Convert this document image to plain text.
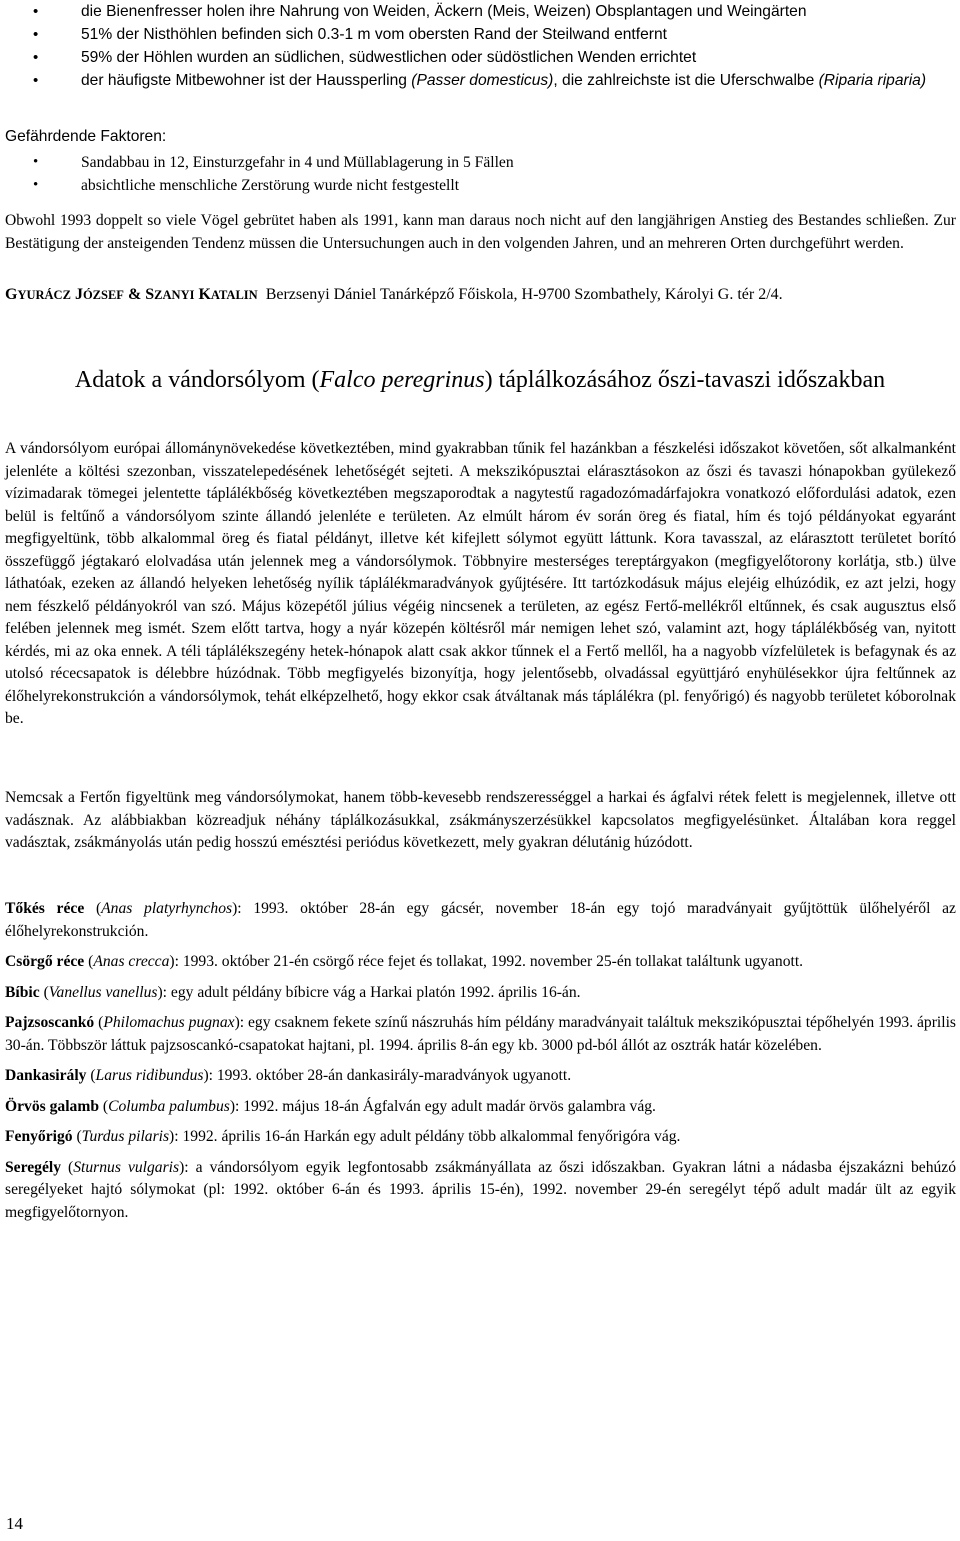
• die Bienenfresser holen ihre Nahrung von Weiden, Äckern (Meis, Weizen) Obsplantagen und Weingärten
• 51% der Nisthöhlen befinden sich 0.3-1 m vom obersten Rand der Steilwand entfernt
• 59% der Höhlen wurden an südlichen, südwestlichen oder südöstlichen Wenden errichtet
• der häufigste Mitbewohner ist der Haussperling (Passer domesticus), die zahlreichste ist die Uferschwalbe (Riparia riparia)

Gefährdende Faktoren:

• Sandabbau in 12, Einsturzgefahr in 4 und Müllablagerung in 5 Fällen
• absichtliche menschliche Zerstörung wurde nicht festgestellt

Obwohl 1993 doppelt so viele Vögel gebrütet haben als 1991, kann man daraus noch nicht auf den langjährigen Anstieg des Bestandes schließen. Zur Bestätigung der ansteigenden Tendenz müssen die Untersuchungen auch in den volgenden Jahren, und an mehreren Orten durchgeführt werden.

GYURÁCZ JÓZSEF & SZANYI KATALIN Berzsenyi Dániel Tanárképző Főiskola, H-9700 Szombathely, Károlyi G. tér 2/4.

Adatok a vándorsólyom (Falco peregrinus) táplálkozásához őszi-tavaszi időszakban

A vándorsólyom európai állománynövekedése következtében, mind gyakrabban tűnik fel hazánkban a fészkelési időszakot követően, sőt alkalmanként jelenléte a költési szezonban, visszatelepedésének lehetőségét sejteti. A mekszikópusztai elárasztásokon az őszi és tavaszi hónapokban gyülekező vízimadarak tömegei jelentette táplálékbőség következtében megszaporodtak a nagytestű ragadozómadárfajokra vonatkozó előfordulási adatok, ezen belül is feltűnő a vándorsólyom szinte állandó jelenléte e területen. Az elmúlt három év során öreg és fiatal, hím és tojó példányokat egyaránt megfigyeltünk, több alkalommal öreg és fiatal példányt, illetve két kifejlett sólymot együtt láttunk. Kora tavasszal, az elárasztott területet borító összefüggő jégtakaró elolvadása után jelennek meg a vándorsólymok. Többnyire mesterséges tereptárgyakon (megfigyelőtorony korlátja, stb.) ülve láthatóak, ezeken az állandó helyeken lehetőség nyílik táplálékmaradványok gyűjtésére. Itt tartózkodásuk május elejéig elhúzódik, ez azt jelzi, hogy nem fészkelő példányokról van szó. Május közepétől július végéig nincsenek a területen, az egész Fertő-mellékről eltűnnek, és csak augusztus első felében jelennek meg ismét. Szem előtt tartva, hogy a nyár közepén költésről már nemigen lehet szó, valamint azt, hogy táplálékbőség van, nyitott kérdés, mi az oka ennek. A téli táplálékszegény hetek-hónapok alatt csak akkor tűnnek el a Fertő mellől, ha a nagyobb vízfelületek is befagynak és az utolsó récecsapatok is délebbre húzódnak. Több megfigyelés bizonyítja, hogy jelentősebb, olvadással együttjáró enyhülésekkor újra feltűnnek az élőhelyrekonstrukción a vándorsólymok, tehát elképzelhető, hogy ekkor csak átváltanak más táplálékra (pl. fenyőrigó) és nagyobb területet kóborolnak be.

Nemcsak a Fertőn figyeltünk meg vándorsólymokat, hanem több-kevesebb rendszerességgel a harkai és ágfalvi rétek felett is megjelennek, illetve ott vadásznak. Az alábbiakban közreadjuk néhány táplálkozásukkal, zsákmányszerzésükkel kapcsolatos megfigyelésünket. Általában kora reggel vadásztak, zsákmányolás után pedig hosszú emésztési periódus következett, mely gyakran délutánig húzódott.

Tőkés réce (Anas platyrhynchos): 1993. október 28-án egy gácsér, november 18-án egy tojó maradványait gyűjtöttük ülőhelyéről az élőhelyrekonstrukción.

Csörgő réce (Anas crecca): 1993. október 21-én csörgő réce fejet és tollakat, 1992. november 25-én tollakat találtunk ugyanott.

Bíbic (Vanellus vanellus): egy adult példány bíbicre vág a Harkai platón 1992. április 16-án.

Pajzsoscankó (Philomachus pugnax): egy csaknem fekete színű nászruhás hím példány maradványait találtuk mekszikópusztai tépőhelyén 1993. április 30-án. Többször láttuk pajzsoscankó-csapatokat hajtani, pl. 1994. április 8-án egy kb. 3000 pd-ból állót az osztrák határ közelében.

Dankasirály (Larus ridibundus): 1993. október 28-án dankasirály-maradványok ugyanott.

Örvös galamb (Columba palumbus): 1992. május 18-án Ágfalván egy adult madár örvös galambra vág.

Fenyőrigó (Turdus pilaris): 1992. április 16-án Harkán egy adult példány több alkalommal fenyőrigóra vág.

Seregély (Sturnus vulgaris): a vándorsólyom egyik legfontosabb zsákmányállata az őszi időszakban. Gyakran látni a nádasba éjszakázni behúzó seregélyeket hajtó sólymokat (pl: 1992. október 6-án és 1993. április 15-én), 1992. november 29-én seregélyt tépő adult madár ült az egyik megfigyelőtornyon.

14
